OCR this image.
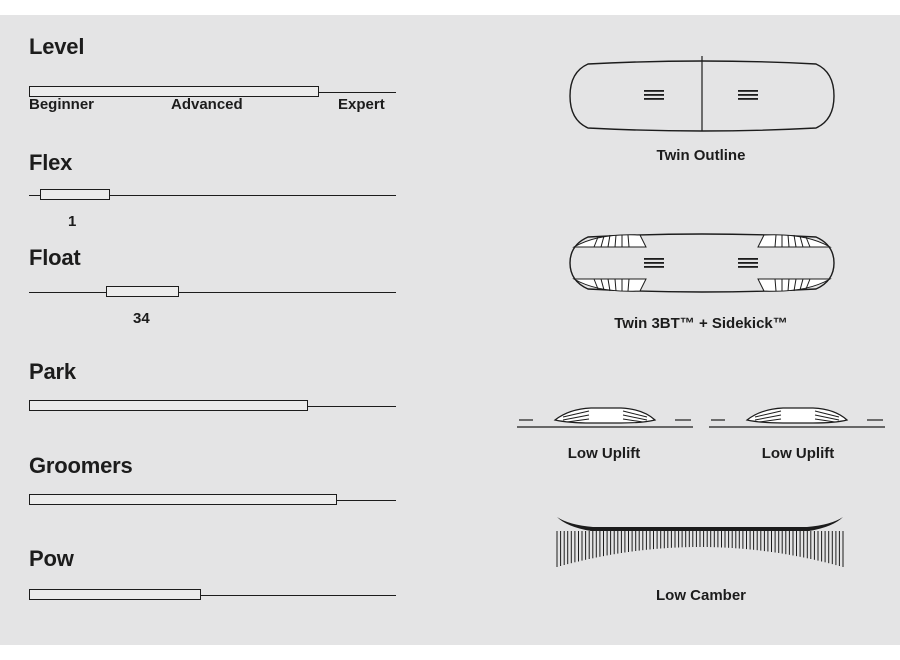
Level
Beginner	Advanced	Expert
Flex
1
Float
34
Park
Groomers
Pow
Twin Outline
Twin 3BT™ + Sidekick™
Low Uplift	Low Uplift
Low Camber
